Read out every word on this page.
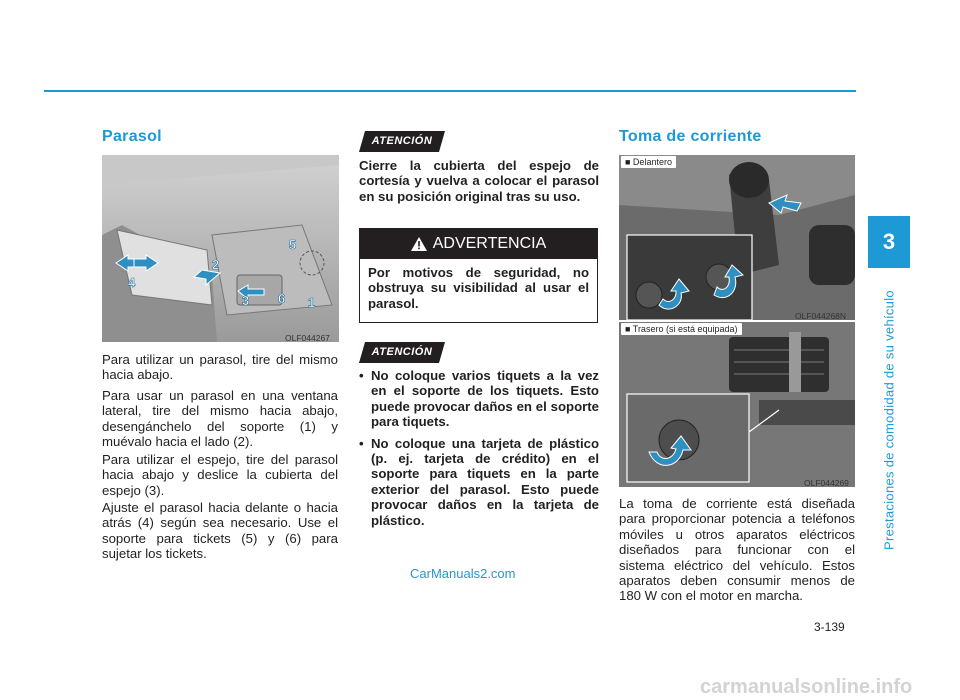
3
Prestaciones de comodidad de su vehículo
Parasol
1
2
3
4
5
6
OLF044267

Para utilizar un parasol, tire del mismo hacia abajo.

Para usar un parasol en una ventana lateral, tire del mismo hacia abajo, desengánchelo del soporte (1) y muévalo hacia el lado (2).

Para utilizar el espejo, tire del parasol hacia abajo y deslice la cubierta del espejo (3).

Ajuste el parasol hacia delante o hacia atrás (4) según sea necesario. Use el soporte para tickets (5) y (6) para sujetar los tickets.

ATENCIÓN

Cierre la cubierta del espejo de cortesía y vuelva a colocar el parasol en su posición original tras su uso.

ADVERTENCIA
Por motivos de seguridad, no obstruya su visibilidad al usar el parasol.
ATENCIÓN
• No coloque varios tiquets a la vez en el soporte de los tiquets. Esto puede provocar daños en el soporte para tiquets.
• No coloque una tarjeta de plástico (p. ej. tarjeta de crédito) en el soporte para tiquets en la parte exterior del parasol. Esto puede provocar daños en la tarjeta de plástico.
Toma de corriente
■ Delantero
OLF044268N
■ Trasero (si está equipada)
OLF044269

La toma de corriente está diseñada para proporcionar potencia a teléfonos móviles u otros aparatos eléctricos diseñados para funcionar con el sistema eléctrico del vehículo. Estos aparatos deben consumir menos de 180 W con el motor en marcha.

CarManuals2.com
3-139
carmanualsonline.info
